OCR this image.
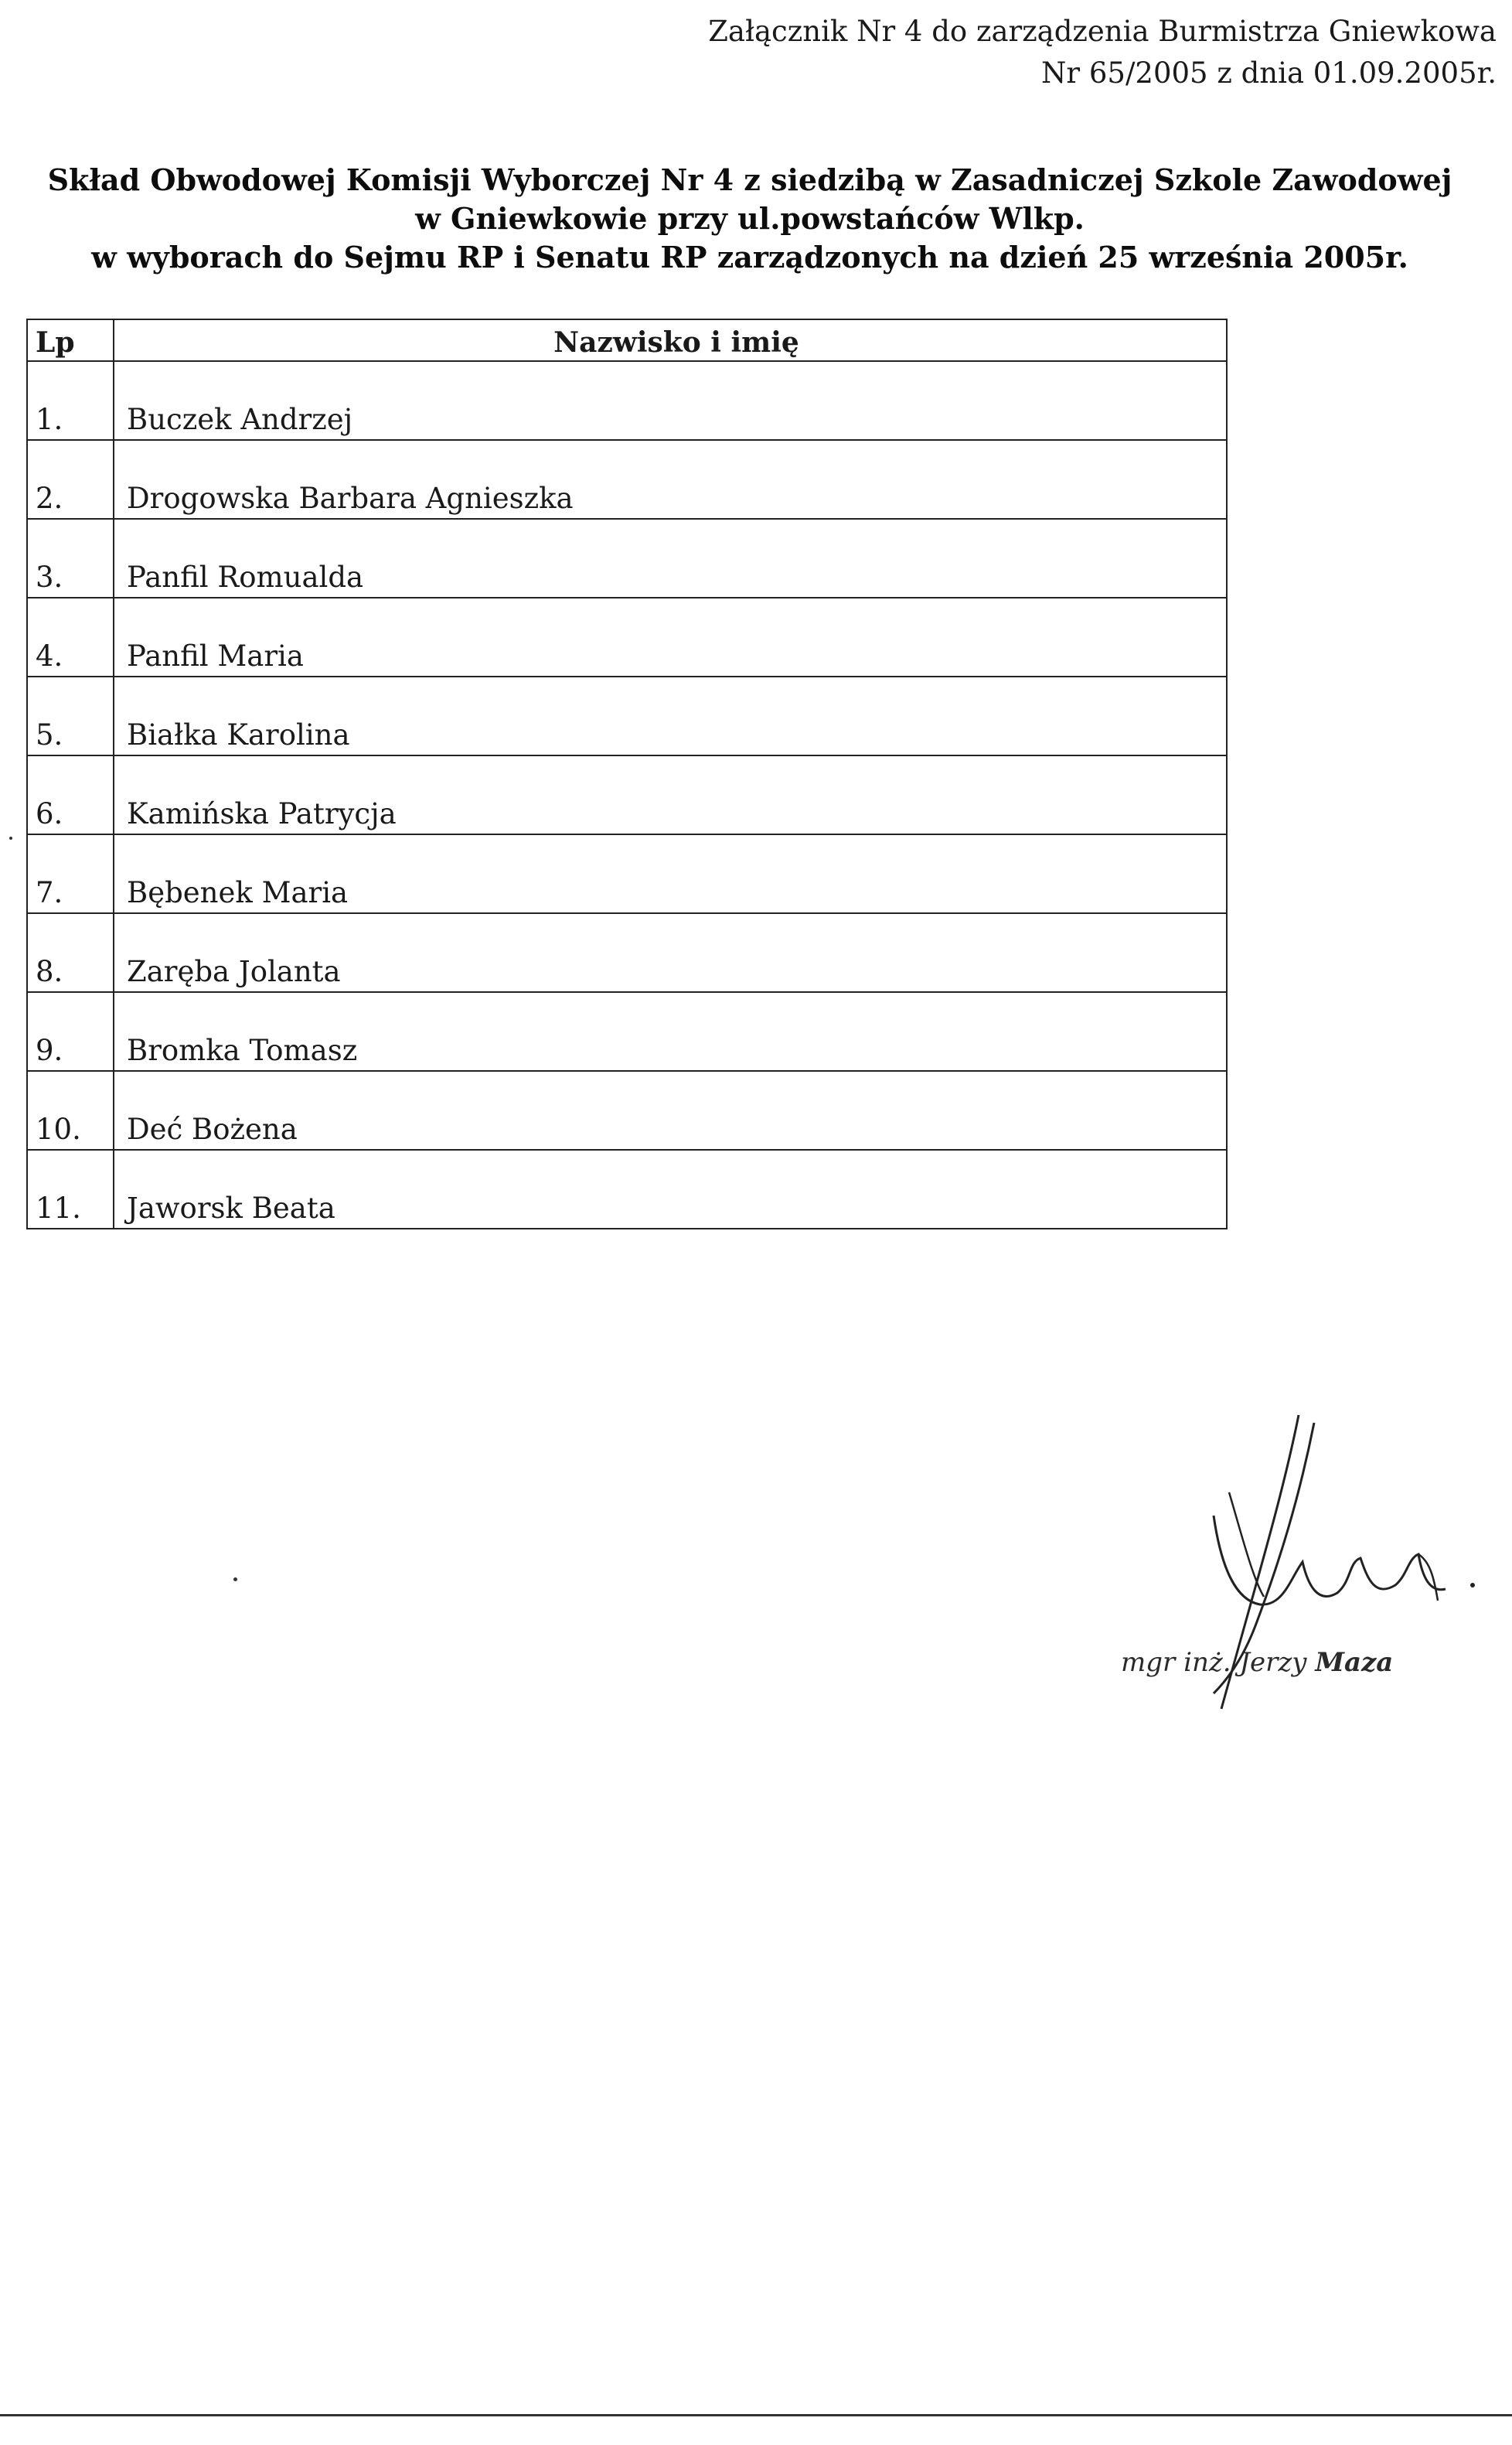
Załącznik Nr 4 do zarządzenia Burmistrza Gniewkowa
Nr 65/2005 z dnia 01.09.2005r.
Skład Obwodowej Komisji Wyborczej Nr 4 z siedzibą w Zasadniczej Szkole Zawodowej
w Gniewkowie przy ul.powstańców Wlkp.
w wyborach do Sejmu RP i Senatu RP zarządzonych na dzień 25 września 2005r.
Lp	Nazwisko i imię
1.	Buczek Andrzej
2.	Drogowska Barbara Agnieszka
3.	Panfil Romualda
4.	Panfil Maria
5.	Białka Karolina
6.	Kamińska Patrycja
7.	Bębenek Maria
8.	Zaręba Jolanta
9.	Bromka Tomasz
10.	Deć Bożena
11.	Jaworsk Beata
mgr inż. Jerzy Maza
